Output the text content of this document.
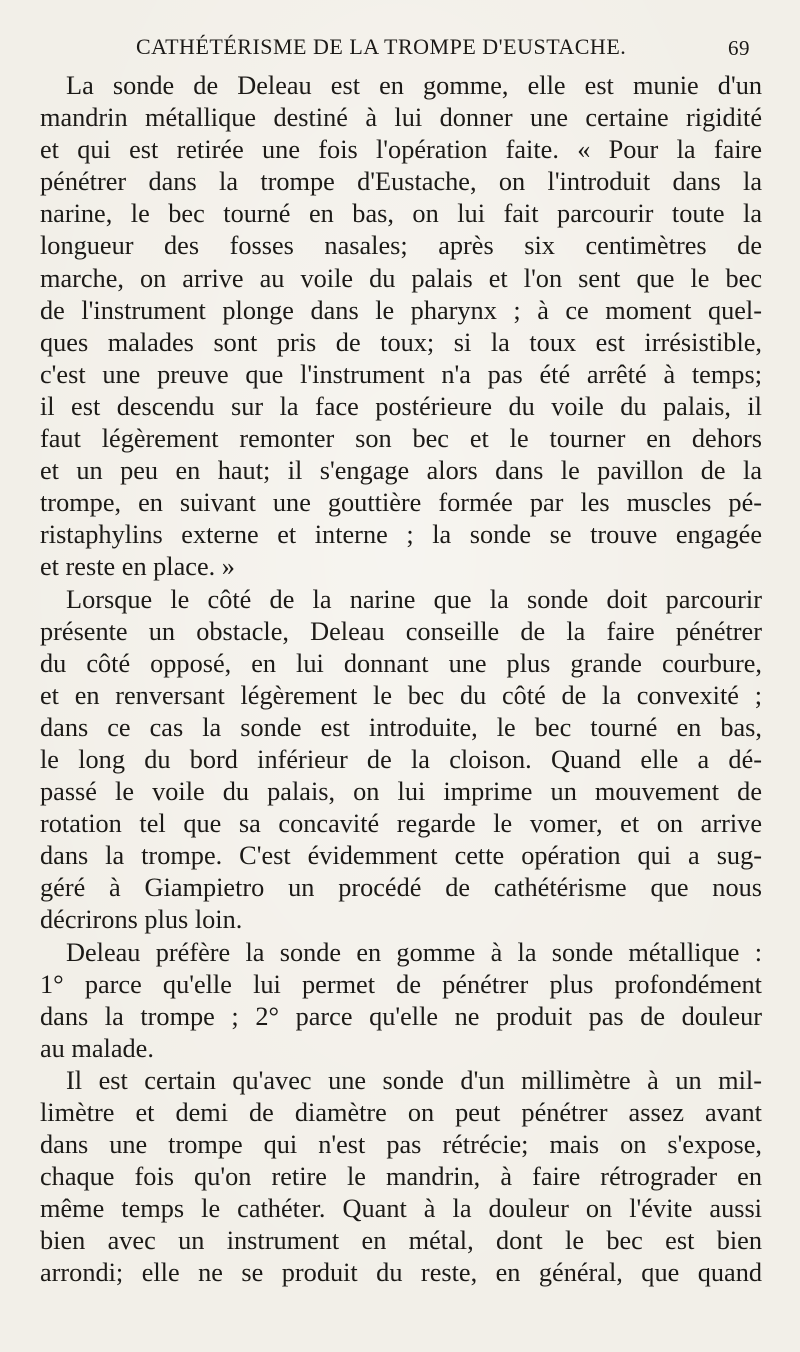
CATHÉTÉRISME DE LA TROMPE D'EUSTACHE.	69
La sonde de Deleau est en gomme, elle est munie d'un
mandrin métallique destiné à lui donner une certaine rigidité
et qui est retirée une fois l'opération faite. « Pour la faire
pénétrer dans la trompe d'Eustache, on l'introduit dans la
narine, le bec tourné en bas, on lui fait parcourir toute la
longueur des fosses nasales; après six centimètres de
marche, on arrive au voile du palais et l'on sent que le bec
de l'instrument plonge dans le pharynx ; à ce moment quel-
ques malades sont pris de toux; si la toux est irrésistible,
c'est une preuve que l'instrument n'a pas été arrêté à temps;
il est descendu sur la face postérieure du voile du palais, il
faut légèrement remonter son bec et le tourner en dehors
et un peu en haut; il s'engage alors dans le pavillon de la
trompe, en suivant une gouttière formée par les muscles pé-
ristaphylins externe et interne ; la sonde se trouve engagée
et reste en place. »
Lorsque le côté de la narine que la sonde doit parcourir
présente un obstacle, Deleau conseille de la faire pénétrer
du côté opposé, en lui donnant une plus grande courbure,
et en renversant légèrement le bec du côté de la convexité ;
dans ce cas la sonde est introduite, le bec tourné en bas,
le long du bord inférieur de la cloison. Quand elle a dé-
passé le voile du palais, on lui imprime un mouvement de
rotation tel que sa concavité regarde le vomer, et on arrive
dans la trompe. C'est évidemment cette opération qui a sug-
géré à Giampietro un procédé de cathétérisme que nous
décrirons plus loin.
Deleau préfère la sonde en gomme à la sonde métallique :
1° parce qu'elle lui permet de pénétrer plus profondément
dans la trompe ; 2° parce qu'elle ne produit pas de douleur
au malade.
Il est certain qu'avec une sonde d'un millimètre à un mil-
limètre et demi de diamètre on peut pénétrer assez avant
dans une trompe qui n'est pas rétrécie; mais on s'expose,
chaque fois qu'on retire le mandrin, à faire rétrograder en
même temps le cathéter. Quant à la douleur on l'évite aussi
bien avec un instrument en métal, dont le bec est bien
arrondi; elle ne se produit du reste, en général, que quand
